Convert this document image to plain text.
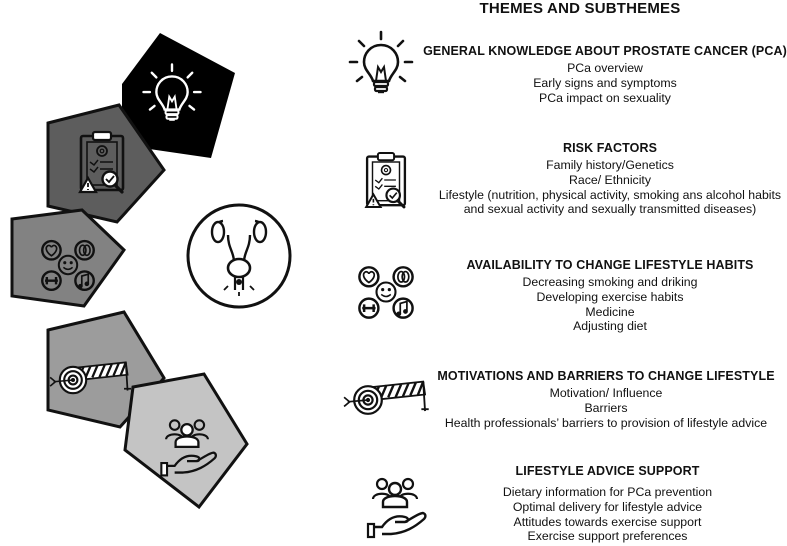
THEMES AND SUBTHEMES
GENERAL KNOWLEDGE ABOUT PROSTATE CANCER (PCA)
PCa overview
Early signs and symptoms
PCa impact on sexuality
RISK FACTORS
Family history/Genetics
Race/ Ethnicity
Lifestyle (nutrition, physical activity, smoking ans alcohol habits
and sexual activity and sexually transmitted diseases)
AVAILABILITY TO CHANGE LIFESTYLE HABITS
Decreasing smoking and driking
Developing exercise habits
Medicine
Adjusting diet
MOTIVATIONS AND BARRIERS TO CHANGE LIFESTYLE
Motivation/ Influence
Barriers
Health professionals’ barriers to provision of lifestyle advice
LIFESTYLE ADVICE SUPPORT
Dietary information for PCa prevention
Optimal delivery for lifestyle advice
Attitudes towards exercise support
Exercise support preferences
